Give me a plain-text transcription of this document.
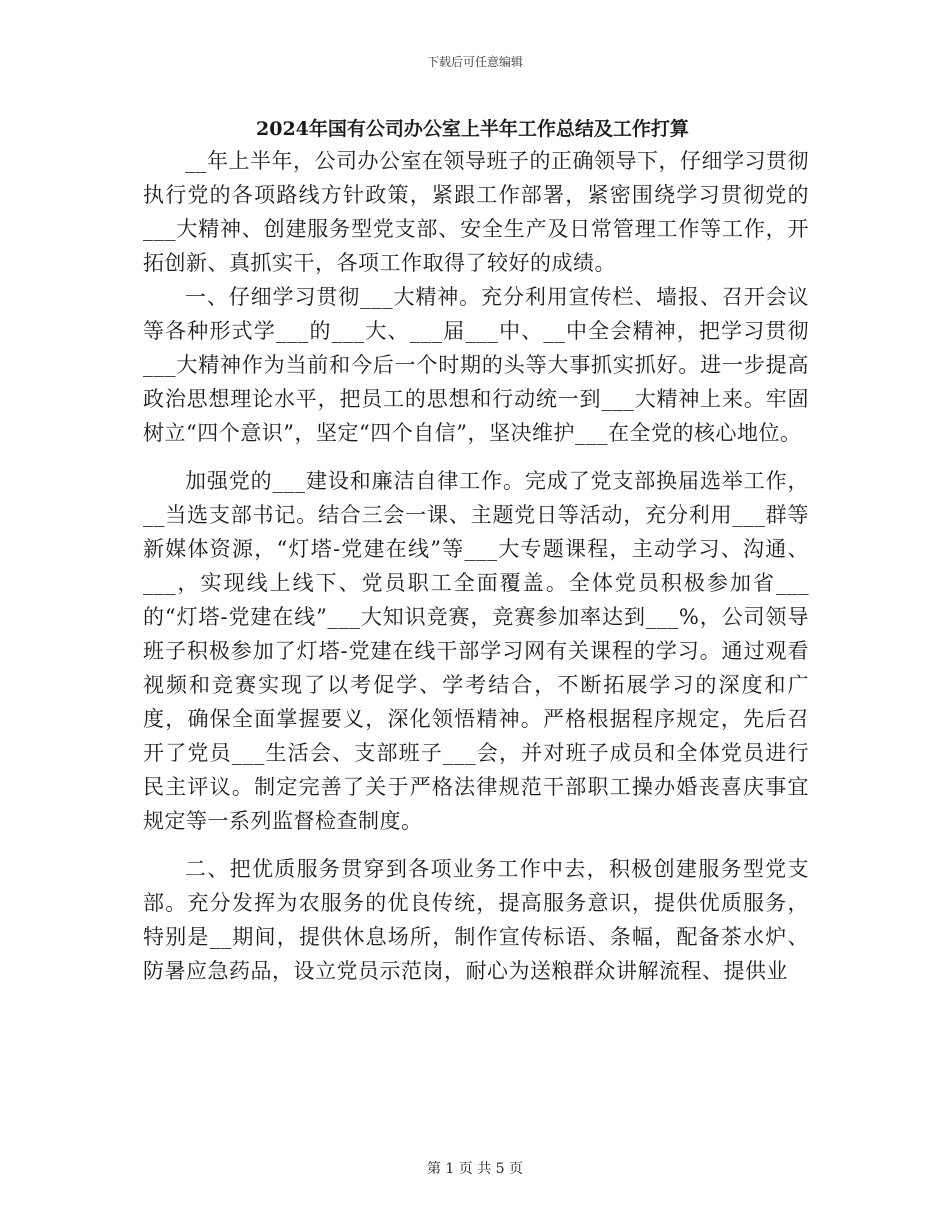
下载后可任意编辑
2024年国有公司办公室上半年工作总结及工作打算

__年上半年，公司办公室在领导班子的正确领导下，仔细学习贯彻执行党的各项路线方针政策，紧跟工作部署，紧密围绕学习贯彻党的___大精神、创建服务型党支部、安全生产及日常管理工作等工作，开拓创新、真抓实干，各项工作取得了较好的成绩。

一、仔细学习贯彻___大精神。充分利用宣传栏、墙报、召开会议等各种形式学___的___大、___届___中、__中全会精神，把学习贯彻___大精神作为当前和今后一个时期的头等大事抓实抓好。进一步提高政治思想理论水平，把员工的思想和行动统一到___大精神上来。牢固树立“四个意识”，坚定“四个自信”，坚决维护___在全党的核心地位。

加强党的___建设和廉洁自律工作。完成了党支部换届选举工作，__当选支部书记。结合三会一课、主题党日等活动，充分利用___群等新媒体资源，“灯塔-党建在线”等___大专题课程，主动学习、沟通、___，实现线上线下、党员职工全面覆盖。全体党员积极参加省___的“灯塔-党建在线”___大知识竞赛，竞赛参加率达到___%，公司领导班子积极参加了灯塔-党建在线干部学习网有关课程的学习。通过观看视频和竞赛实现了以考促学、学考结合，不断拓展学习的深度和广度，确保全面掌握要义，深化领悟精神。严格根据程序规定，先后召开了党员___生活会、支部班子___会，并对班子成员和全体党员进行民主评议。制定完善了关于严格法律规范干部职工操办婚丧喜庆事宜规定等一系列监督检查制度。

二、把优质服务贯穿到各项业务工作中去，积极创建服务型党支部。充分发挥为农服务的优良传统，提高服务意识，提供优质服务，特别是__期间，提供休息场所，制作宣传标语、条幅，配备茶水炉、防暑应急药品，设立党员示范岗，耐心为送粮群众讲解流程、提供业

第 1 页 共 5 页
